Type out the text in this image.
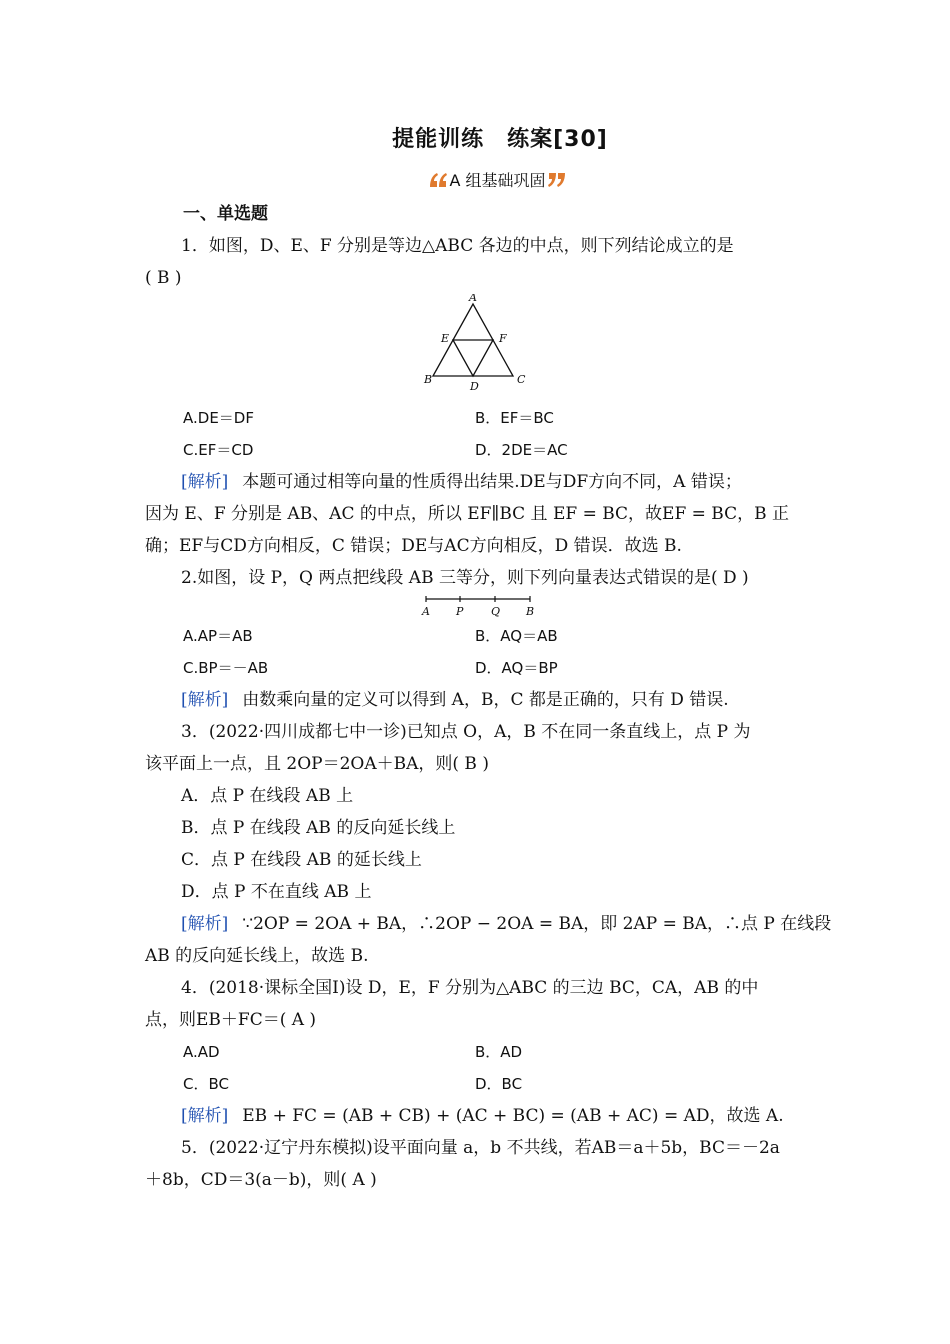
提能训练　练案[30]
A 组基础巩固
一、单选题
1．如图，D、E、F 分别是等边△ABC 各边的中点，则下列结论成立的是
( B )
A
E	F
B
D
C
A.DE＝DF	B．EF＝BC
C.EF＝CD	D．2DE＝AC
[解析] 本题可通过相等向量的性质得出结果.DE与DF方向不同，A 错误；
因为 E、F 分别是 AB、AC 的中点，所以 EF∥BC 且 EF = BC，故EF = BC，B 正
确；EF与CD方向相反，C 错误；DE与AC方向相反，D 错误．故选 B.
2.如图，设 P，Q 两点把线段 AB 三等分，则下列向量表达式错误的是( D )
A P	Q B
A.AP＝AB	B．AQ＝AB
C.BP＝－AB	D．AQ＝BP
[解析] 由数乘向量的定义可以得到 A，B，C 都是正确的，只有 D 错误.
3．(2022·四川成都七中一诊)已知点 O，A，B 不在同一条直线上，点 P 为
该平面上一点，且 2OP＝2OA＋BA，则( B )
A．点 P 在线段 AB 上
B．点 P 在线段 AB 的反向延长线上
C．点 P 在线段 AB 的延长线上
D．点 P 不在直线 AB 上
[解析] ∵2OP = 2OA + BA，∴2OP − 2OA = BA，即 2AP = BA，∴点 P 在线段
AB 的反向延长线上，故选 B.
4．(2018·课标全国Ⅰ)设 D，E，F 分别为△ABC 的三边 BC，CA，AB 的中
点，则EB＋FC＝( A )
A.AD	B．AD
C．BC	D．BC
[解析] EB + FC = (AB + CB) + (AC + BC) = (AB + AC) = AD，故选 A.
5．(2022·辽宁丹东模拟)设平面向量 a，b 不共线，若AB＝a＋5b，BC＝－2a
＋8b，CD＝3(a－b)，则( A )
